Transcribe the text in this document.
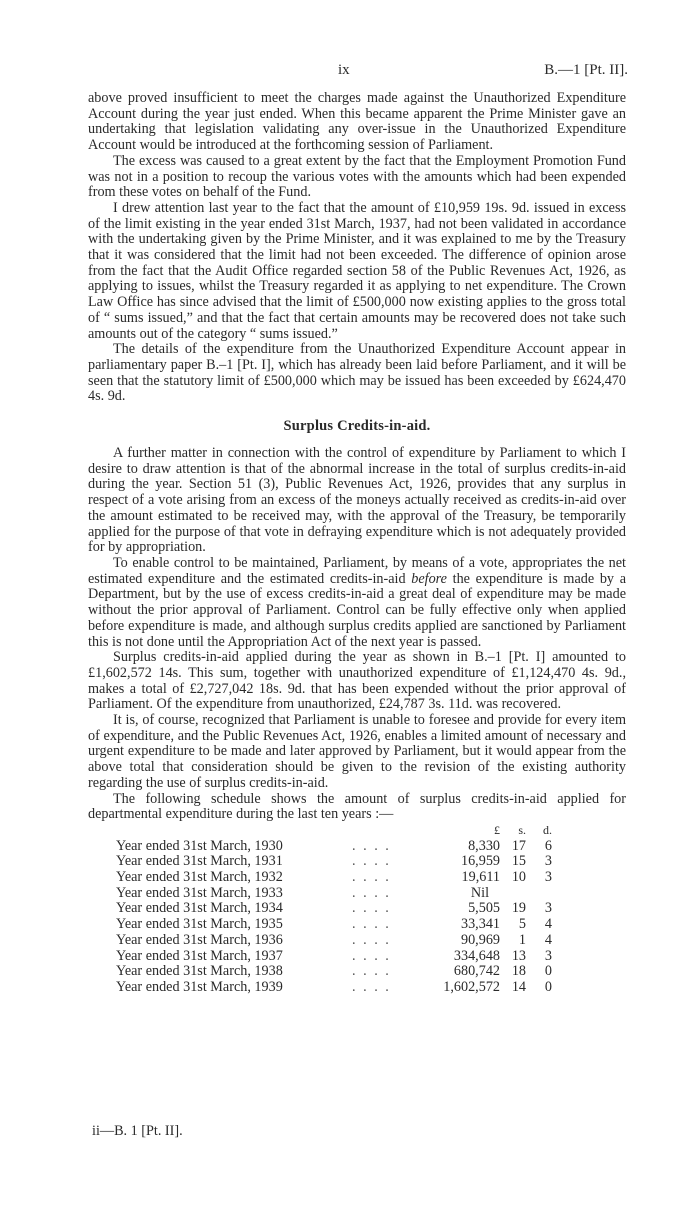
ix	B.—1 [Pt. II].

above proved insufficient to meet the charges made against the Unauthorized Expenditure Account during the year just ended. When this became apparent the Prime Minister gave an undertaking that legislation validating any over-issue in the Unauthorized Expenditure Account would be introduced at the forthcoming session of Parliament.

The excess was caused to a great extent by the fact that the Employment Promotion Fund was not in a position to recoup the various votes with the amounts which had been expended from these votes on behalf of the Fund.

I drew attention last year to the fact that the amount of £10,959 19s. 9d. issued in excess of the limit existing in the year ended 31st March, 1937, had not been validated in accordance with the undertaking given by the Prime Minister, and it was explained to me by the Treasury that it was considered that the limit had not been exceeded. The difference of opinion arose from the fact that the Audit Office regarded section 58 of the Public Revenues Act, 1926, as applying to issues, whilst the Treasury regarded it as applying to net expenditure. The Crown Law Office has since advised that the limit of £500,000 now existing applies to the gross total of “ sums issued,” and that the fact that certain amounts may be recovered does not take such amounts out of the category “ sums issued.”

The details of the expenditure from the Unauthorized Expenditure Account appear in parliamentary paper B.–1 [Pt. I], which has already been laid before Parliament, and it will be seen that the statutory limit of £500,000 which may be issued has been exceeded by £624,470 4s. 9d.

Surplus Credits-in-aid.

A further matter in connection with the control of expenditure by Parliament to which I desire to draw attention is that of the abnormal increase in the total of surplus credits-in-aid during the year. Section 51 (3), Public Revenues Act, 1926, provides that any surplus in respect of a vote arising from an excess of the moneys actually received as credits-in-aid over the amount estimated to be received may, with the approval of the Treasury, be temporarily applied for the purpose of that vote in defraying expenditure which is not adequately provided for by appropriation.

To enable control to be maintained, Parliament, by means of a vote, appropriates the net estimated expenditure and the estimated credits-in-aid before the expenditure is made by a Department, but by the use of excess credits-in-aid a great deal of expenditure may be made without the prior approval of Parliament. Control can be fully effective only when applied before expenditure is made, and although surplus credits applied are sanctioned by Parliament this is not done until the Appropriation Act of the next year is passed.

Surplus credits-in-aid applied during the year as shown in B.–1 [Pt. I] amounted to £1,602,572 14s. This sum, together with unauthorized expenditure of £1,124,470 4s. 9d., makes a total of £2,727,042 18s. 9d. that has been expended without the prior approval of Parliament. Of the expenditure from unauthorized, £24,787 3s. 11d. was recovered.

It is, of course, recognized that Parliament is unable to foresee and provide for every item of expenditure, and the Public Revenues Act, 1926, enables a limited amount of necessary and urgent expenditure to be made and later approved by Parliament, but it would appear from the above total that consideration should be given to the revision of the existing authority regarding the use of surplus credits-in-aid.

The following schedule shows the amount of surplus credits-in-aid applied for departmental expenditure during the last ten years :—

		£	s.	d.
Year ended 31st March, 1930	. . . .	8,330	17	6
Year ended 31st March, 1931	. . . .	16,959	15	3
Year ended 31st March, 1932	. . . .	19,611	10	3
Year ended 31st March, 1933	. . . .	Nil		
Year ended 31st March, 1934	. . . .	5,505	19	3
Year ended 31st March, 1935	. . . .	33,341	5	4
Year ended 31st March, 1936	. . . .	90,969	1	4
Year ended 31st March, 1937	. . . .	334,648	13	3
Year ended 31st March, 1938	. . . .	680,742	18	0
Year ended 31st March, 1939	. . . .	1,602,572	14	0
ii—B. 1 [Pt. II].
